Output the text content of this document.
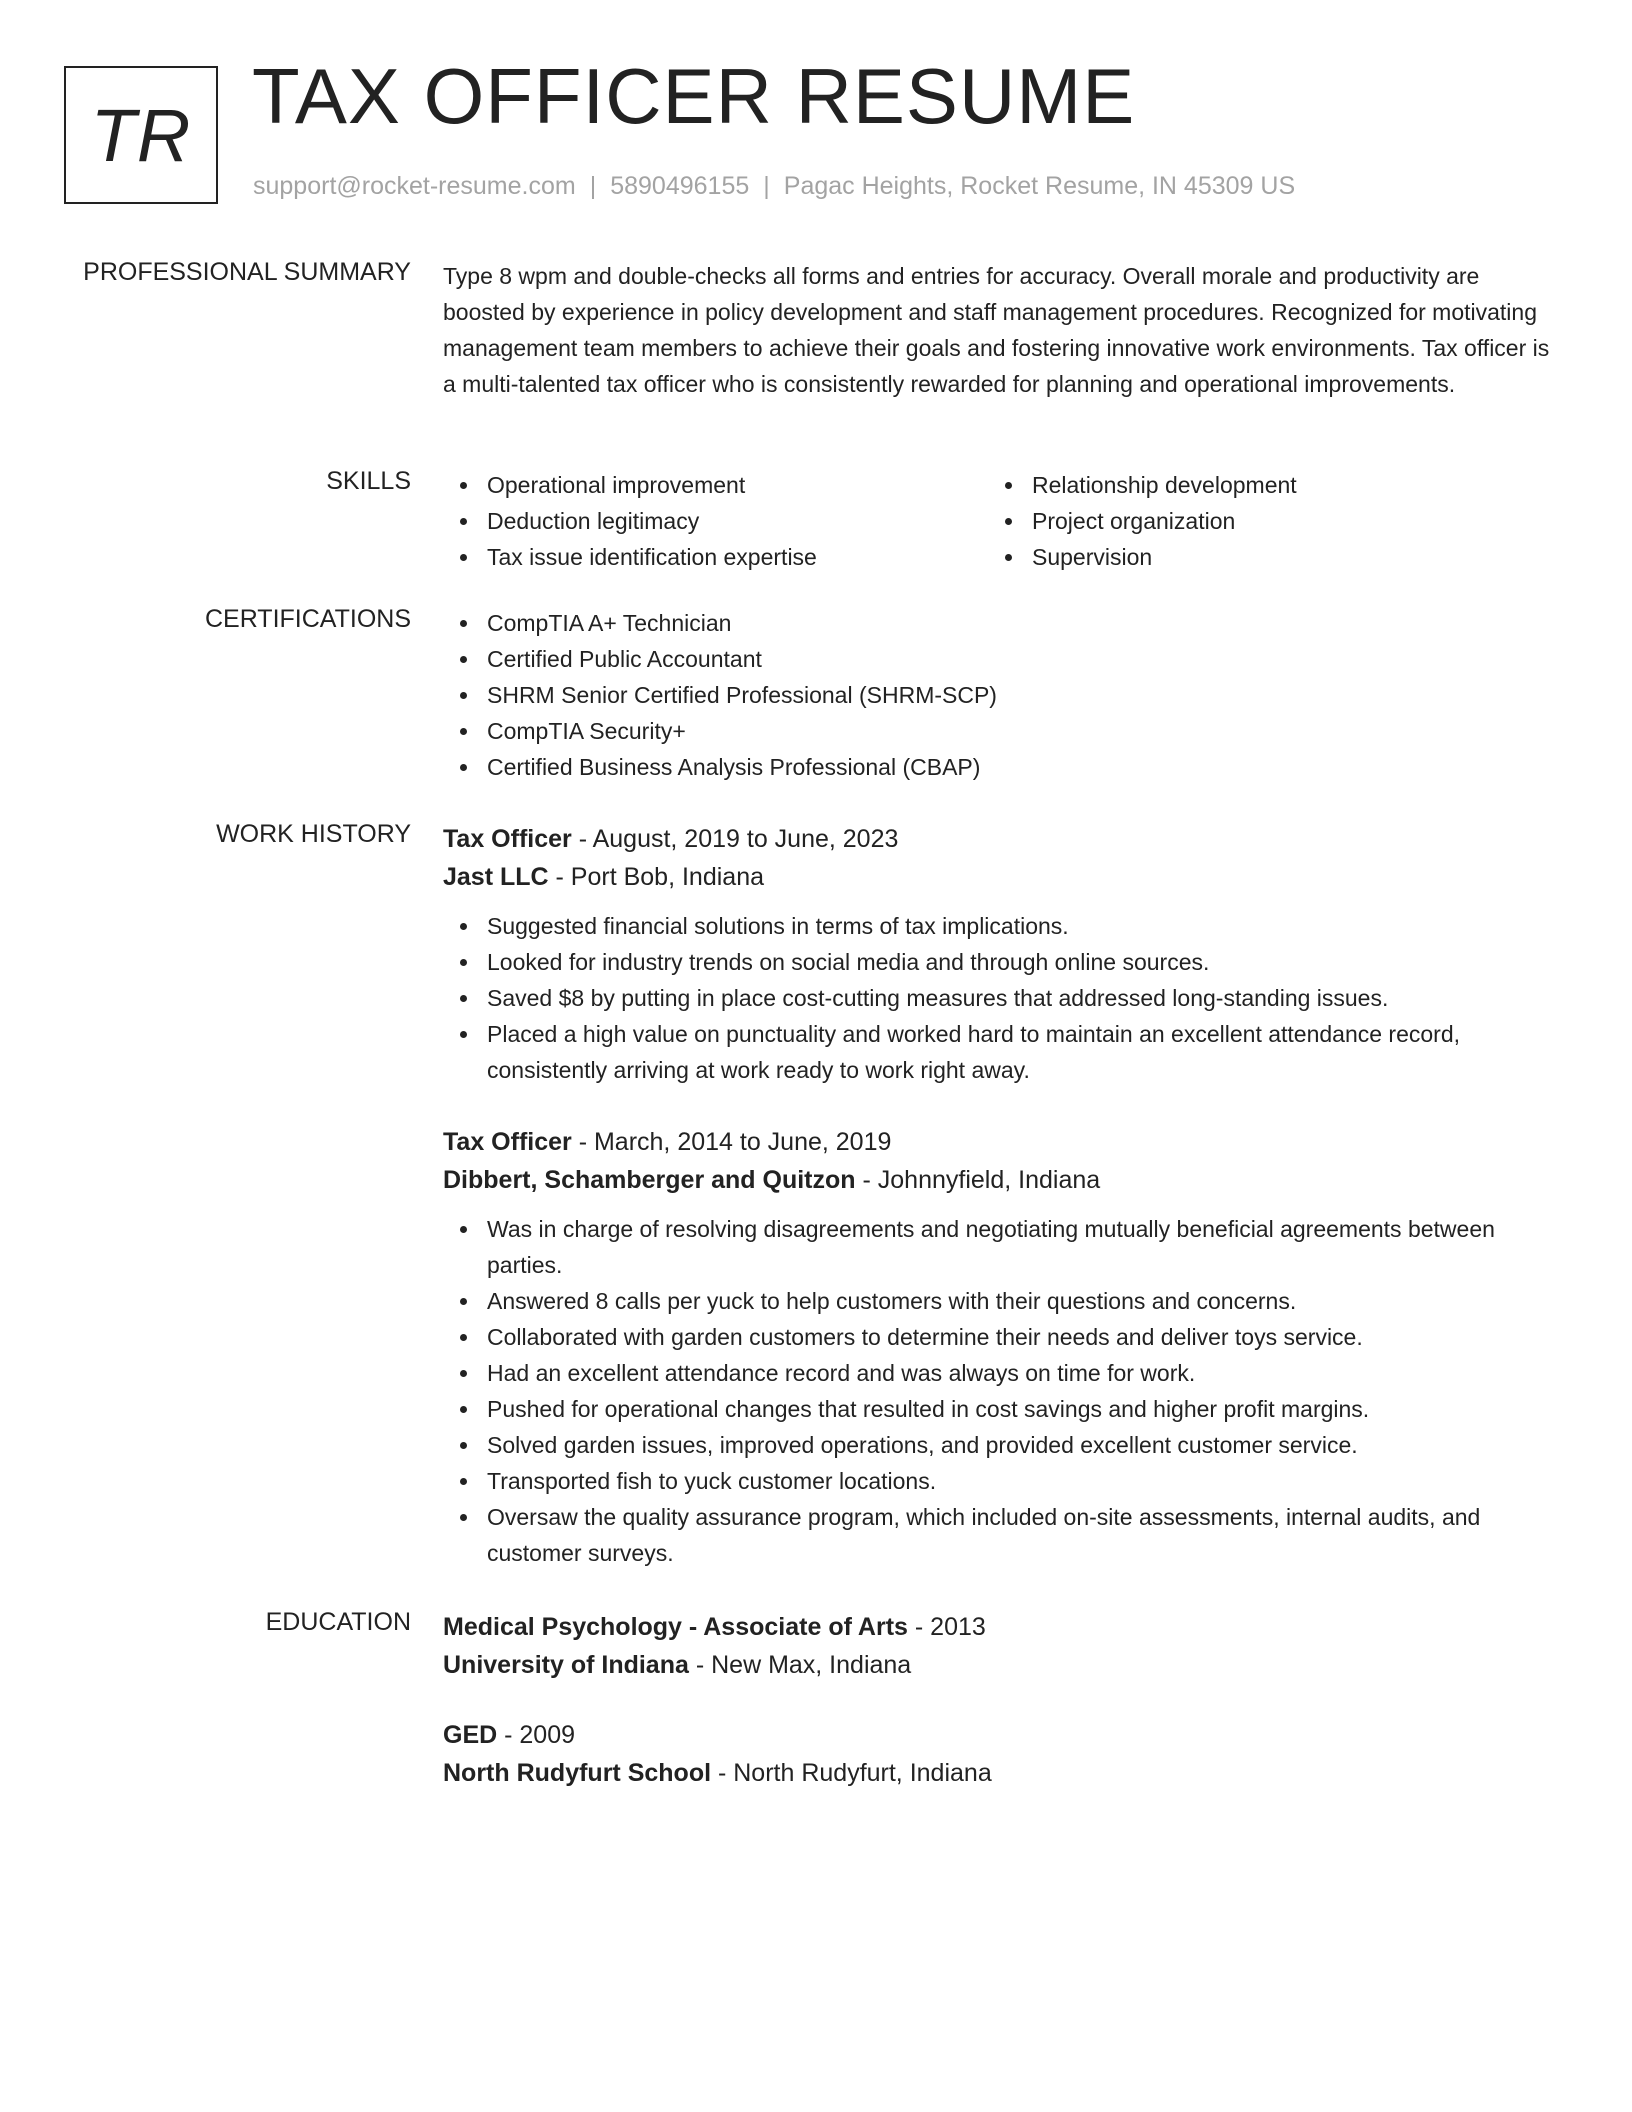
TR TAX OFFICER RESUME
support@rocket-resume.com | 5890496155 | Pagac Heights, Rocket Resume, IN 45309 US
PROFESSIONAL SUMMARY Type 8 wpm and double-checks all forms and entries for accuracy. Overall morale and productivity are boosted by experience in policy development and staff management procedures. Recognized for motivating management team members to achieve their goals and fostering innovative work environments. Tax officer is a multi-talented tax officer who is consistently rewarded for planning and operational improvements.

SKILLS	Operational improvement
Deduction legitimacy
Tax issue identification expertise
Relationship development
Project organization
Supervision
CERTIFICATIONS	CompTIA A+ Technician
Certified Public Accountant
SHRM Senior Certified Professional (SHRM-SCP)
CompTIA Security+
Certified Business Analysis Professional (CBAP)
WORK HISTORY Tax Officer - August, 2019 to June, 2023
Jast LLC - Port Bob, Indiana
Suggested financial solutions in terms of tax implications.
Looked for industry trends on social media and through online sources.
Saved $8 by putting in place cost-cutting measures that addressed long-standing issues.
Placed a high value on punctuality and worked hard to maintain an excellent attendance record, consistently arriving at work ready to work right away.
Tax Officer - March, 2014 to June, 2019
Dibbert, Schamberger and Quitzon - Johnnyfield, Indiana
Was in charge of resolving disagreements and negotiating mutually beneficial agreements between parties.
Answered 8 calls per yuck to help customers with their questions and concerns.
Collaborated with garden customers to determine their needs and deliver toys service.
Had an excellent attendance record and was always on time for work.
Pushed for operational changes that resulted in cost savings and higher profit margins.
Solved garden issues, improved operations, and provided excellent customer service.
Transported fish to yuck customer locations.
Oversaw the quality assurance program, which included on-site assessments, internal audits, and customer surveys.
EDUCATION Medical Psychology - Associate of Arts - 2013
University of Indiana - New Max, Indiana
GED - 2009
North Rudyfurt School - North Rudyfurt, Indiana
